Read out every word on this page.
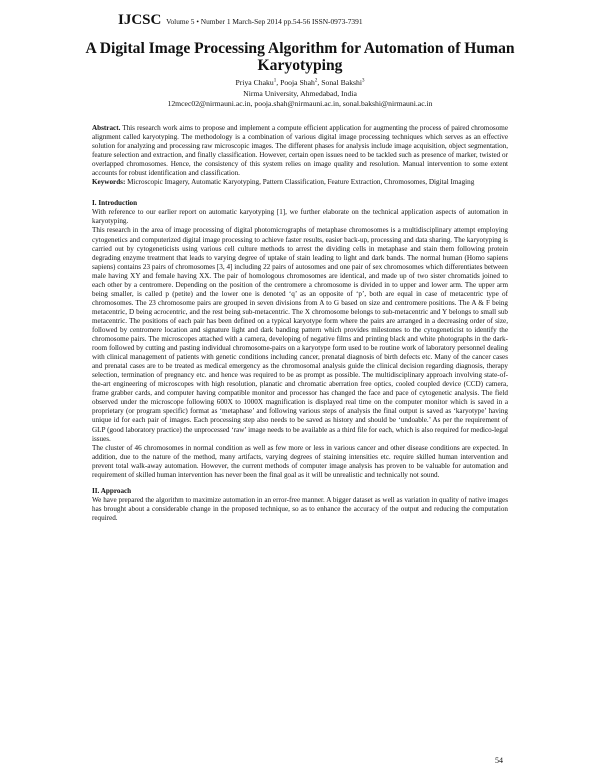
IJCSC Volume 5 • Number 1 March-Sep 2014 pp.54-56 ISSN-0973-7391
A Digital Image Processing Algorithm for Automation of Human Karyotyping
Priya Chaku$^1$, Pooja Shah$^2$, Sonal Bakshi$^3$
Nirma University, Ahmedabad, India
12mcec02@nirmauni.ac.in, pooja.shah@nirmauni.ac.in, sonal.bakshi@nirmauni.ac.in

Abstract. This research work aims to propose and implement a compute efficient application for augmenting the process of paired chromosome alignment called karyotyping. The methodology is a combination of various digital image processing techniques which serves as an effective solution for analyzing and processing raw microscopic images. The different phases for analysis include image acquisition, object segmentation, feature selection and extraction, and finally classification. However, certain open issues need to be tackled such as presence of marker, twisted or overlapped chromosomes. Hence, the consistency of this system relies on image quality and resolution. Manual intervention to some extent accounts for robust identification and classification.

Keywords: Microscopic Imagery, Automatic Karyotyping, Pattern Classification, Feature Extraction, Chromosomes, Digital Imaging

I. Introduction

With reference to our earlier report on automatic karyotyping [1], we further elaborate on the technical application aspects of automation in karyotyping.

This research in the area of image processing of digital photomicrographs of metaphase chromosomes is a multidisciplinary attempt employing cytogenetics and computerized digital image processing to achieve faster results, easier back-up, processing and data sharing. The karyotyping is carried out by cytogeneticists using various cell culture methods to arrest the dividing cells in metaphase and stain them following protein degrading enzyme treatment that leads to varying degree of uptake of stain leading to light and dark bands. The normal human (Homo sapiens sapiens) contains 23 pairs of chromosomes [3, 4] including 22 pairs of autosomes and one pair of sex chromosomes which differentiates between male having XY and female having XX. The pair of homologous chromosomes are identical, and made up of two sister chromatids joined to each other by a centromere. Depending on the position of the centromere a chromosome is divided in to upper and lower arm. The upper arm being smaller, is called p (petite) and the lower one is denoted ‘q’ as an opposite of ‘p’, both are equal in case of metacentric type of chromosomes. The 23 chromosome pairs are grouped in seven divisions from A to G based on size and centromere positions. The A & F being metacentric, D being acrocentric, and the rest being sub-metacentric. The X chromosome belongs to sub-metacentric and Y belongs to small sub metacentric. The positions of each pair has been defined on a typical karyotype form where the pairs are arranged in a decreasing order of size, followed by centromere location and signature light and dark banding pattern which provides milestones to the cytogeneticist to identify the chromosome pairs. The microscopes attached with a camera, developing of negative films and printing black and white photographs in the dark-room followed by cutting and pasting individual chromosome-pairs on a karyotype form used to be routine work of laboratory personnel dealing with clinical management of patients with genetic conditions including cancer, prenatal diagnosis of birth defects etc. Many of the cancer cases and prenatal cases are to be treated as medical emergency as the chromosomal analysis guide the clinical decision regarding diagnosis, therapy selection, termination of pregnancy etc. and hence was required to be as prompt as possible. The multidisciplinary approach involving state-of-the-art engineering of microscopes with high resolution, planatic and chromatic aberration free optics, cooled coupled device (CCD) camera, frame grabber cards, and computer having compatible monitor and processor has changed the face and pace of cytogenetic analysis. The field observed under the microscope following 600X to 1000X magnification is displayed real time on the computer monitor which is saved in a proprietary (or program specific) format as ‘metaphase’ and following various steps of analysis the final output is saved as ‘karyotype’ having unique id for each pair of images. Each processing step also needs to be saved as history and should be ‘undoable.’ As per the requirement of GLP (good laboratory practice) the unprocessed ‘raw’ image needs to be available as a third file for each, which is also required for medico-legal issues.

The cluster of 46 chromosomes in normal condition as well as few more or less in various cancer and other disease conditions are expected. In addition, due to the nature of the method, many artifacts, varying degrees of staining intensities etc. require skilled human intervention and prevent total walk-away automation. However, the current methods of computer image analysis has proven to be valuable for automation and requirement of skilled human intervention has never been the final goal as it will be unrealistic and technically not sound.

II. Approach

We have prepared the algorithm to maximize automation in an error-free manner. A bigger dataset as well as variation in quality of native images has brought about a considerable change in the proposed technique, so as to enhance the accuracy of the output and reducing the computation required.

54
